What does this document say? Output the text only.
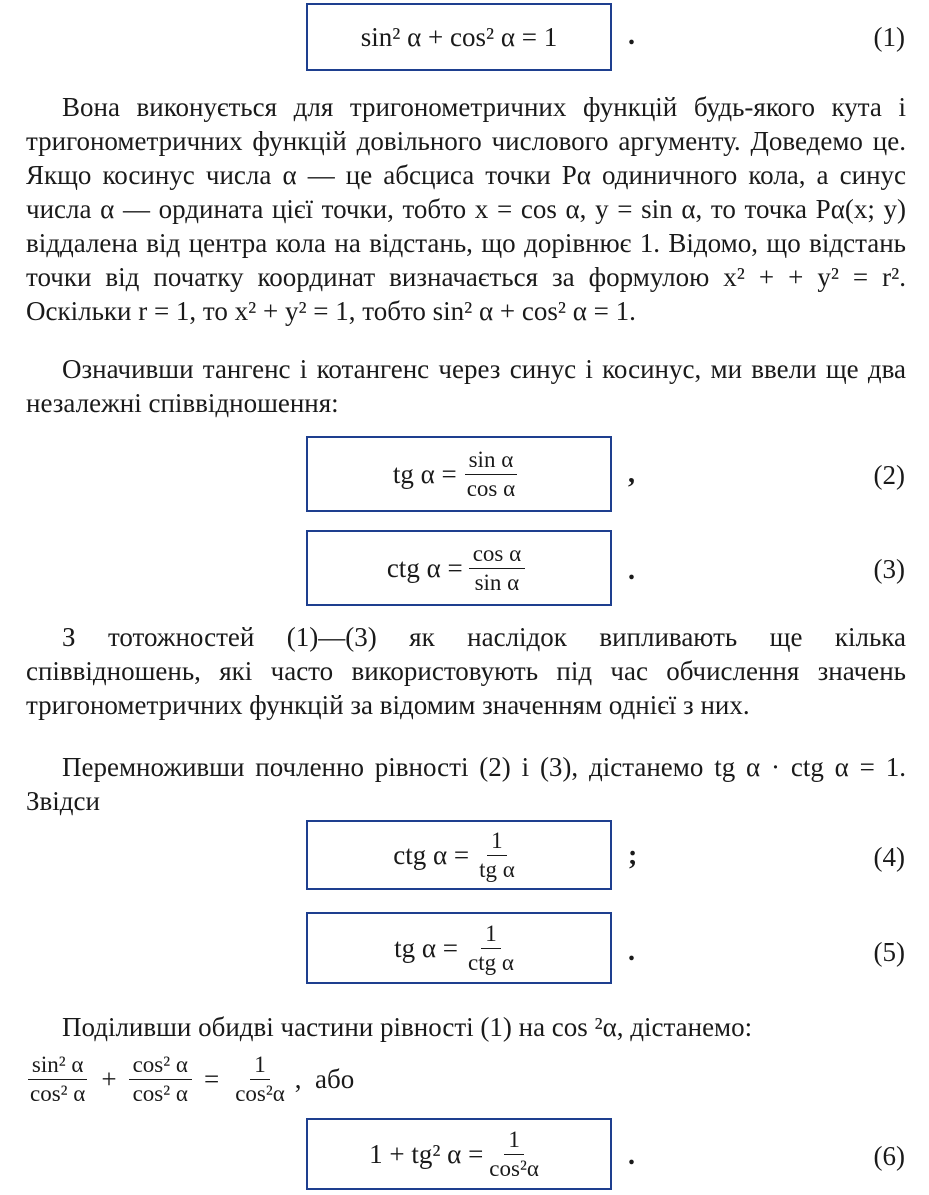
sin² α + cos² α = 1	.	(1)

Вона виконується для тригонометричних функцій будь-якого кута і тригонометричних функцій довільного числового аргументу. Доведемо це. Якщо косинус числа α — це абсциса точки Pα одиничного кола, а синус числа α — ордината цієї точки, тобто x = cos α, y = sin α, то точка Pα(x; y) віддалена від центра кола на відстань, що дорівнює 1. Відомо, що відстань точки від початку координат визначається за формулою x² + + y² = r². Оскільки r = 1, то x² + y² = 1, тобто sin² α + cos² α = 1.

Означивши тангенс і котангенс через синус і косинус, ми ввели ще два незалежні співвідношення:

tg $\alpha = \frac{\text{sin α}}{\text{cos α}}$	,	(2)
ctg $\alpha = \frac{\text{cos α}}{\text{sin α}}$	.	(3)

З тотожностей (1)—(3) як наслідок випливають ще кілька співвідношень, які часто використовують під час обчислення значень тригонометричних функцій за відомим значенням однієї з них.

Перемноживши почленно рівності (2) і (3), дістанемо tg α · ctg α = 1. Звідси

ctg $\alpha = \frac{1}{\text{tg α}}$	;	(4)
tg $\alpha = \frac{1}{\text{ctg α}}$	.	(5)

Поділивши обидві частини рівності (1) на cos ²α, дістанемо:

$\frac{\text{sin² α}}{\text{cos² α}} + \frac{\text{cos² α}}{\text{cos² α}} = \frac{1}{\text{cos²α}}$ ,  або
1 + tg² $\alpha = \frac{1}{\text{cos²α}}$	.	(6)
